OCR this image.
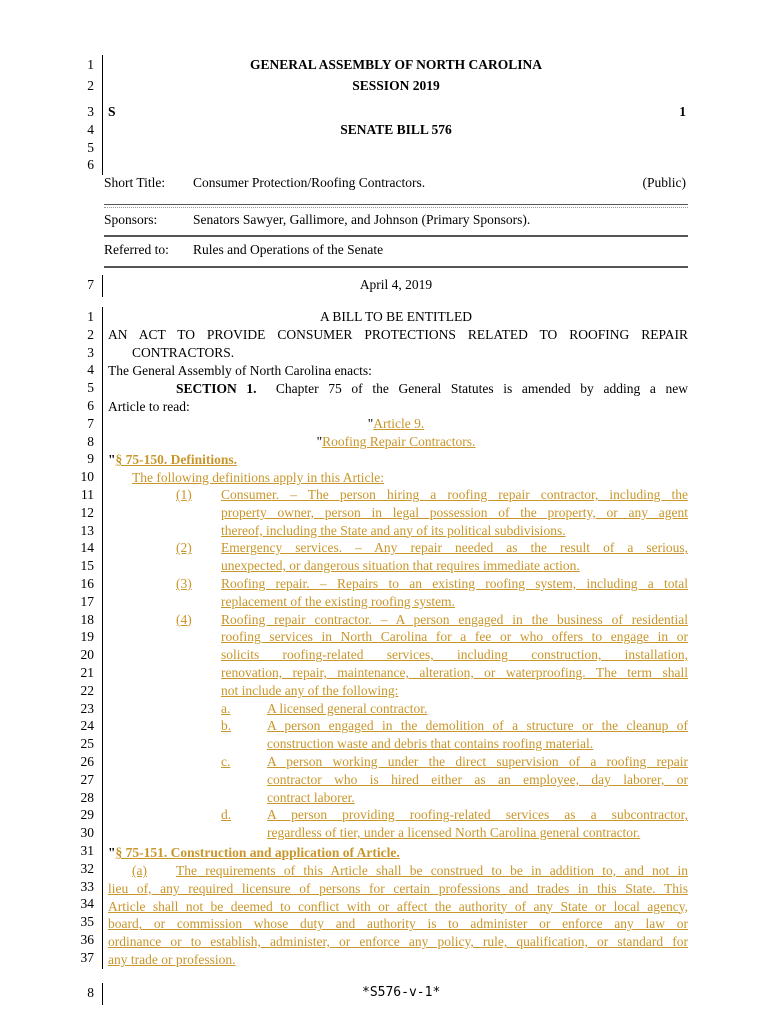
1
2
3
4
5
6
GENERAL ASSEMBLY OF NORTH CAROLINA
SESSION 2019
S	1
SENATE BILL 576
Short Title: Consumer Protection/Roofing Contractors.	(Public)
Sponsors:	Senators Sawyer, Gallimore, and Johnson (Primary Sponsors).
Referred to: Rules and Operations of the Senate
7	April 4, 2019
1
2
3
4
5
6
7
8
9
10
11
12
13
14
15
16
17
18
19
20
21
22
23
24
25
26
27
28
29
30
31
32
33
34
35
36
37
A BILL TO BE ENTITLED
AN ACT TO PROVIDE CONSUMER PROTECTIONS RELATED TO ROOFING REPAIR
CONTRACTORS.
The General Assembly of North Carolina enacts:
SECTION 1. Chapter 75 of the General Statutes is amended by adding a new
Article to read:
"Article 9.
"Roofing Repair Contractors.
"§ 75-150. Definitions.
The following definitions apply in this Article:
(1) Consumer. – The person hiring a roofing repair contractor, including the
property owner, person in legal possession of the property, or any agent
thereof, including the State and any of its political subdivisions.
(2) Emergency services. – Any repair needed as the result of a serious,
unexpected, or dangerous situation that requires immediate action.
(3) Roofing repair. – Repairs to an existing roofing system, including a total
replacement of the existing roofing system.
(4) Roofing repair contractor. – A person engaged in the business of residential
roofing services in North Carolina for a fee or who offers to engage in or
solicits roofing-related services, including construction, installation,
renovation, repair, maintenance, alteration, or waterproofing. The term shall
not include any of the following:
a.	A licensed general contractor.
b.	A person engaged in the demolition of a structure or the cleanup of
construction waste and debris that contains roofing material.
c.	A person working under the direct supervision of a roofing repair
contractor who is hired either as an employee, day laborer, or
contract laborer.
d.	A person providing roofing-related services as a subcontractor,
regardless of tier, under a licensed North Carolina general contractor.
"§ 75-151. Construction and application of Article.
(a) The requirements of this Article shall be construed to be in addition to, and not in
lieu of, any required licensure of persons for certain professions and trades in this State. This
Article shall not be deemed to conflict with or affect the authority of any State or local agency,
board, or commission whose duty and authority is to administer or enforce any law or
ordinance or to establish, administer, or enforce any policy, rule, qualification, or standard for
any trade or profession.
8	*S576-v-1*
